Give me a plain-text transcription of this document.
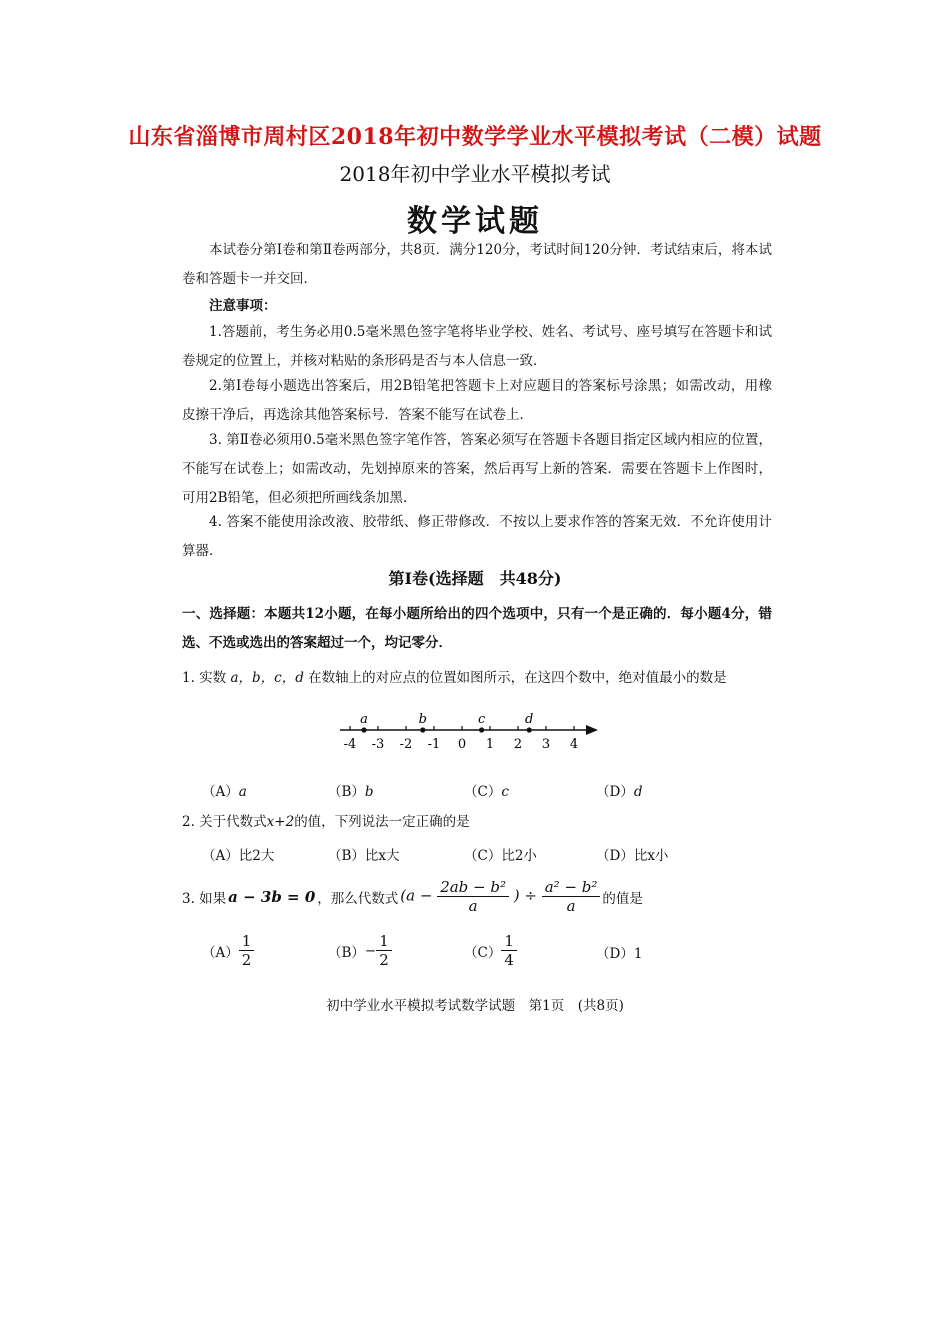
山东省淄博市周村区2018年初中数学学业水平模拟考试（二模）试题
2018年初中学业水平模拟考试
数学试题
本试卷分第Ⅰ卷和第Ⅱ卷两部分，共8页．满分120分，考试时间120分钟．考试结束后，将本试卷和答题卡一并交回．
注意事项：
1.答题前，考生务必用0.5毫米黑色签字笔将毕业学校、姓名、考试号、座号填写在答题卡和试卷规定的位置上，并核对粘贴的条形码是否与本人信息一致．
2.第Ⅰ卷每小题选出答案后，用2B铅笔把答题卡上对应题目的答案标号涂黑；如需改动，用橡皮擦干净后，再选涂其他答案标号．答案不能写在试卷上．
3. 第Ⅱ卷必须用0.5毫米黑色签字笔作答，答案必须写在答题卡各题目指定区域内相应的位置，不能写在试卷上；如需改动，先划掉原来的答案，然后再写上新的答案．需要在答题卡上作图时，可用2B铅笔，但必须把所画线条加黑．
4. 答案不能使用涂改液、胶带纸、修正带修改．不按以上要求作答的答案无效．不允许使用计算器．
第Ⅰ卷(选择题　共48分)
一、选择题：本题共12小题，在每小题所给出的四个选项中，只有一个是正确的．每小题4分，错选、不选或选出的答案超过一个，均记零分．
1. 实数 a，b，c，d 在数轴上的对应点的位置如图所示，在这四个数中，绝对值最小的数是
-4 -3 -2 -1 0 1 2 3 4
a	b	c	d
（A）a	（B）b	（C）c	（D）d
2. 关于代数式x+2的值，下列说法一定正确的是
（A）比2大	（B）比x大	（C）比2小	（D）比x小
3. 如果 a − 3b = 0 ，那么代数式 ($a - \frac{\text{2ab − b²}}{a}$ ) ÷ $\frac{\text{a² − b²}}{a}$ 的值是
$(A) \frac{1}{2}$	$(B) - \frac{1}{2}$	$(C) \frac{1}{4}$	（D）1
初中学业水平模拟考试数学试题　第1页　(共8页)
